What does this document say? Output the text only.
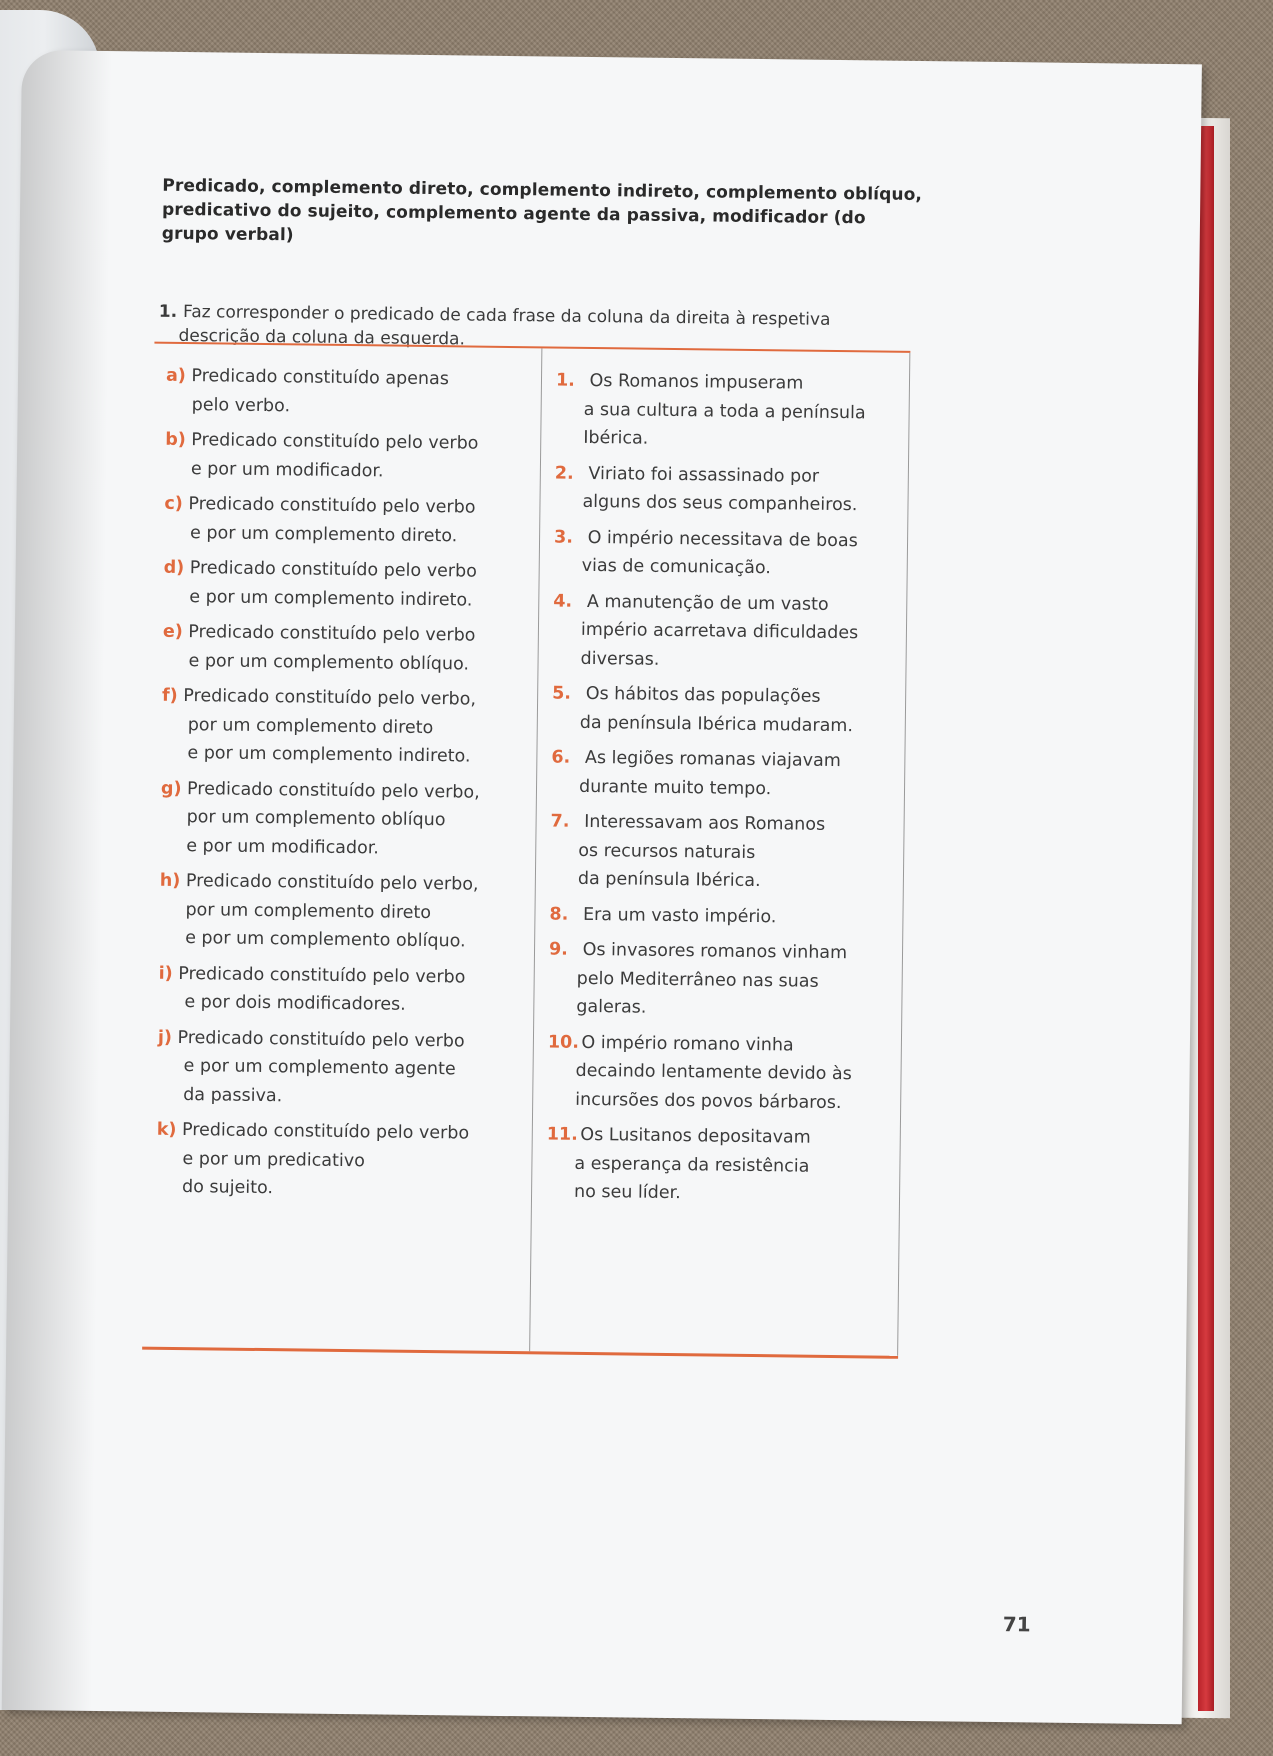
Predicado, complemento direto, complemento indireto, complemento oblíquo, predicativo do sujeito, complemento agente da passiva, modificador (do grupo verbal)
1. Faz corresponder o predicado de cada frase da coluna da direita à respetiva
descrição da coluna da esquerda.
a) Predicado constituído apenas
pelo verbo.
b) Predicado constituído pelo verbo
e por um modificador.
c) Predicado constituído pelo verbo
e por um complemento direto.
d) Predicado constituído pelo verbo
e por um complemento indireto.
e) Predicado constituído pelo verbo
e por um complemento oblíquo.
f) Predicado constituído pelo verbo,
por um complemento direto
e por um complemento indireto.
g) Predicado constituído pelo verbo,
por um complemento oblíquo
e por um modificador.
h) Predicado constituído pelo verbo,
por um complemento direto
e por um complemento oblíquo.
i) Predicado constituído pelo verbo
e por dois modificadores.
j) Predicado constituído pelo verbo
e por um complemento agente
da passiva.
k) Predicado constituído pelo verbo
e por um predicativo
do sujeito.
1. Os Romanos impuseram
a sua cultura a toda a península
Ibérica.
2. Viriato foi assassinado por
alguns dos seus companheiros.
3. O império necessitava de boas
vias de comunicação.
4. A manutenção de um vasto
império acarretava dificuldades
diversas.
5. Os hábitos das populações
da península Ibérica mudaram.
6. As legiões romanas viajavam
durante muito tempo.
7. Interessavam aos Romanos
os recursos naturais
da península Ibérica.
8. Era um vasto império.
9. Os invasores romanos vinham
pelo Mediterrâneo nas suas
galeras.
10. O império romano vinha
decaindo lentamente devido às
incursões dos povos bárbaros.
11. Os Lusitanos depositavam
a esperança da resistência
no seu líder.
71
